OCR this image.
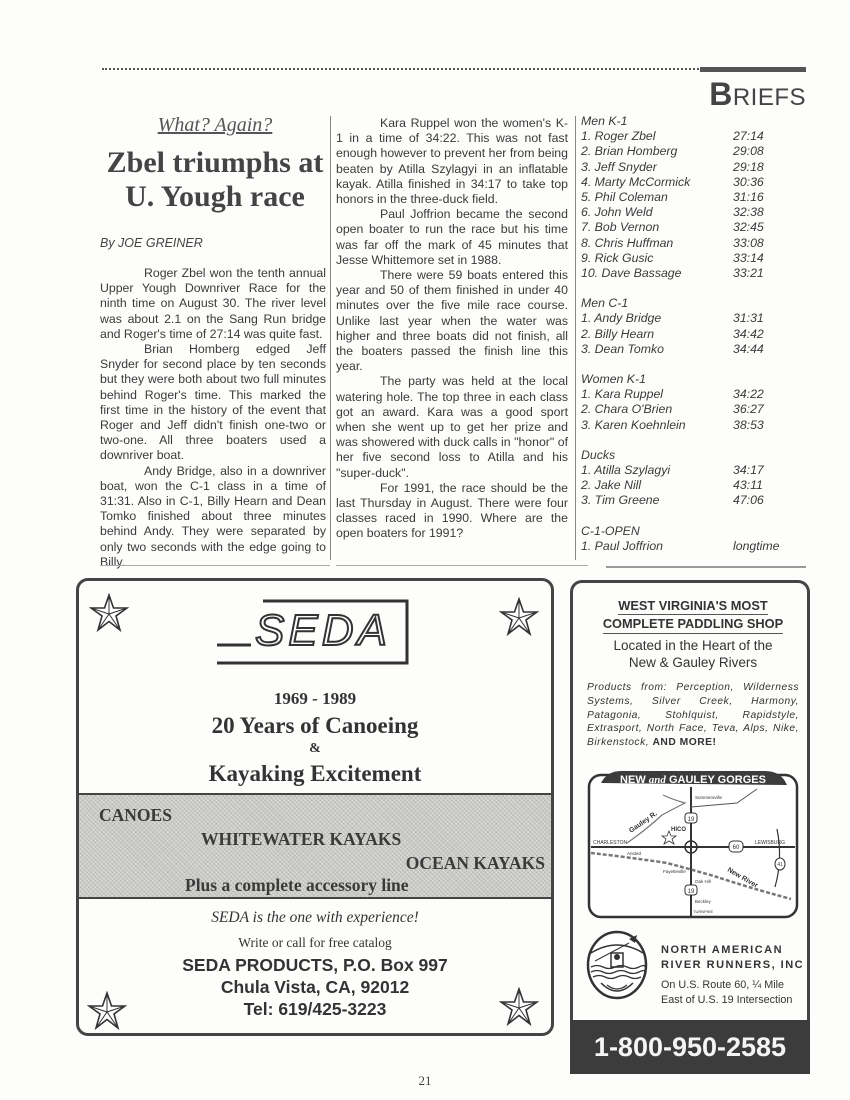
BRIEFS
What? Again?
Zbel triumphs at U. Yough race
By JOE GREINER

Roger Zbel won the tenth annual Upper Yough Downriver Race for the ninth time on August 30. The river level was about 2.1 on the Sang Run bridge and Roger's time of 27:14 was quite fast.

Brian Homberg edged Jeff Snyder for second place by ten seconds but they were both about two full minutes behind Roger's time. This marked the first time in the history of the event that Roger and Jeff didn't finish one-two or two-one. All three boaters used a downriver boat.

Andy Bridge, also in a downriver boat, won the C-1 class in a time of 31:31. Also in C-1, Billy Hearn and Dean Tomko finished about three minutes behind Andy. They were separated by only two seconds with the edge going to Billy.

Kara Ruppel won the women's K-1 in a time of 34:22. This was not fast enough however to prevent her from being beaten by Atilla Szylagyi in an inflatable kayak. Atilla finished in 34:17 to take top honors in the three-duck field.

Paul Joffrion became the second open boater to run the race but his time was far off the mark of 45 minutes that Jesse Whittemore set in 1988.

There were 59 boats entered this year and 50 of them finished in under 40 minutes over the five mile race course. Unlike last year when the water was higher and three boats did not finish, all the boaters passed the finish line this year.

The party was held at the local watering hole. The top three in each class got an award. Kara was a good sport when she went up to get her prize and was showered with duck calls in "honor" of her five second loss to Atilla and his "super-duck".

For 1991, the race should be the last Thursday in August. There were four classes raced in 1990. Where are the open boaters for 1991?

Men K-1
1. Roger Zbel	27:14
2. Brian Homberg	29:08
3. Jeff Snyder	29:18
4. Marty McCormick	30:36
5. Phil Coleman	31:16
6. John Weld	32:38
7. Bob Vernon	32:45
8. Chris Huffman	33:08
9. Rick Gusic	33:14
10. Dave Bassage	33:21
Men C-1
1. Andy Bridge	31:31
2. Billy Hearn	34:42
3. Dean Tomko	34:44
Women K-1
1. Kara Ruppel	34:22
2. Chara O'Brien	36:27
3. Karen Koehnlein	38:53
Ducks
1. Atilla Szylagyi	34:17
2. Jake Nill	43:11
3. Tim Greene	47:06
C-1-OPEN
1. Paul Joffrion	longtime
SEDA
1969 - 1989
20 Years of Canoeing
&
Kayaking Excitement
CANOES
WHITEWATER KAYAKS
OCEAN KAYAKS
Plus a complete accessory line
SEDA is the one with experience!
Write or call for free catalog
SEDA PRODUCTS, P.O. Box 997
Chula Vista, CA, 92012
Tel: 619/425-3223
WEST VIRGINIA'S MOST
COMPLETE PADDLING SHOP
Located in the Heart of the
New & Gauley Rivers
Products from: Perception, Wilderness Systems, Silver Creek, Harmony, Patagonia, Stohlquist, Rapidstyle, Extrasport, North Face, Teva, Alps, Nike, Birkenstock, AND MORE!
NEW and GAULEY GORGES
19
19
60
41
Gauley R.
New River
CHARLESTON	LEWISBURG
HICO
Summersville
Ansted
Fayetteville
Oak Hill
Beckley
TURNPIKE
NORTH AMERICAN
RIVER RUNNERS, INC
On U.S. Route 60, ¼ Mile
East of U.S. 19 Intersection
1-800-950-2585
21
